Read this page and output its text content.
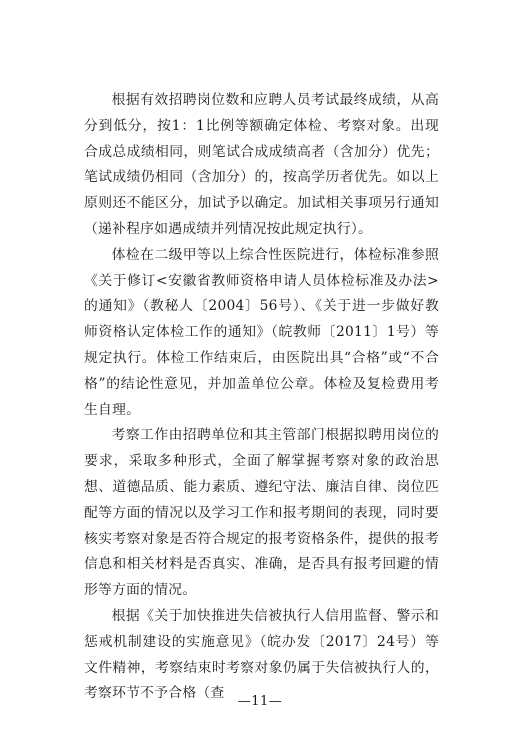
根据有效招聘岗位数和应聘人员考试最终成绩，从高分到低分，按1：1比例等额确定体检、考察对象。出现合成总成绩相同，则笔试合成成绩高者（含加分）优先；笔试成绩仍相同（含加分）的，按高学历者优先。如以上原则还不能区分，加试予以确定。加试相关事项另行通知（递补程序如遇成绩并列情况按此规定执行）。

体检在二级甲等以上综合性医院进行，体检标准参照《关于修订<安徽省教师资格申请人员体检标准及办法>的通知》（教秘人〔2004〕56号）、《关于进一步做好教师资格认定体检工作的通知》（皖教师〔2011〕1号）等规定执行。体检工作结束后，由医院出具“合格”或“不合格”的结论性意见，并加盖单位公章。体检及复检费用考生自理。

考察工作由招聘单位和其主管部门根据拟聘用岗位的要求，采取多种形式，全面了解掌握考察对象的政治思想、道德品质、能力素质、遵纪守法、廉洁自律、岗位匹配等方面的情况以及学习工作和报考期间的表现，同时要核实考察对象是否符合规定的报考资格条件，提供的报考信息和相关材料是否真实、准确，是否具有报考回避的情形等方面的情况。

根据《关于加快推进失信被执行人信用监督、警示和惩戒机制建设的实施意见》（皖办发〔2017〕24号）等文件精神，考察结束时考察对象仍属于失信被执行人的，考察环节不予合格（查

—11—
